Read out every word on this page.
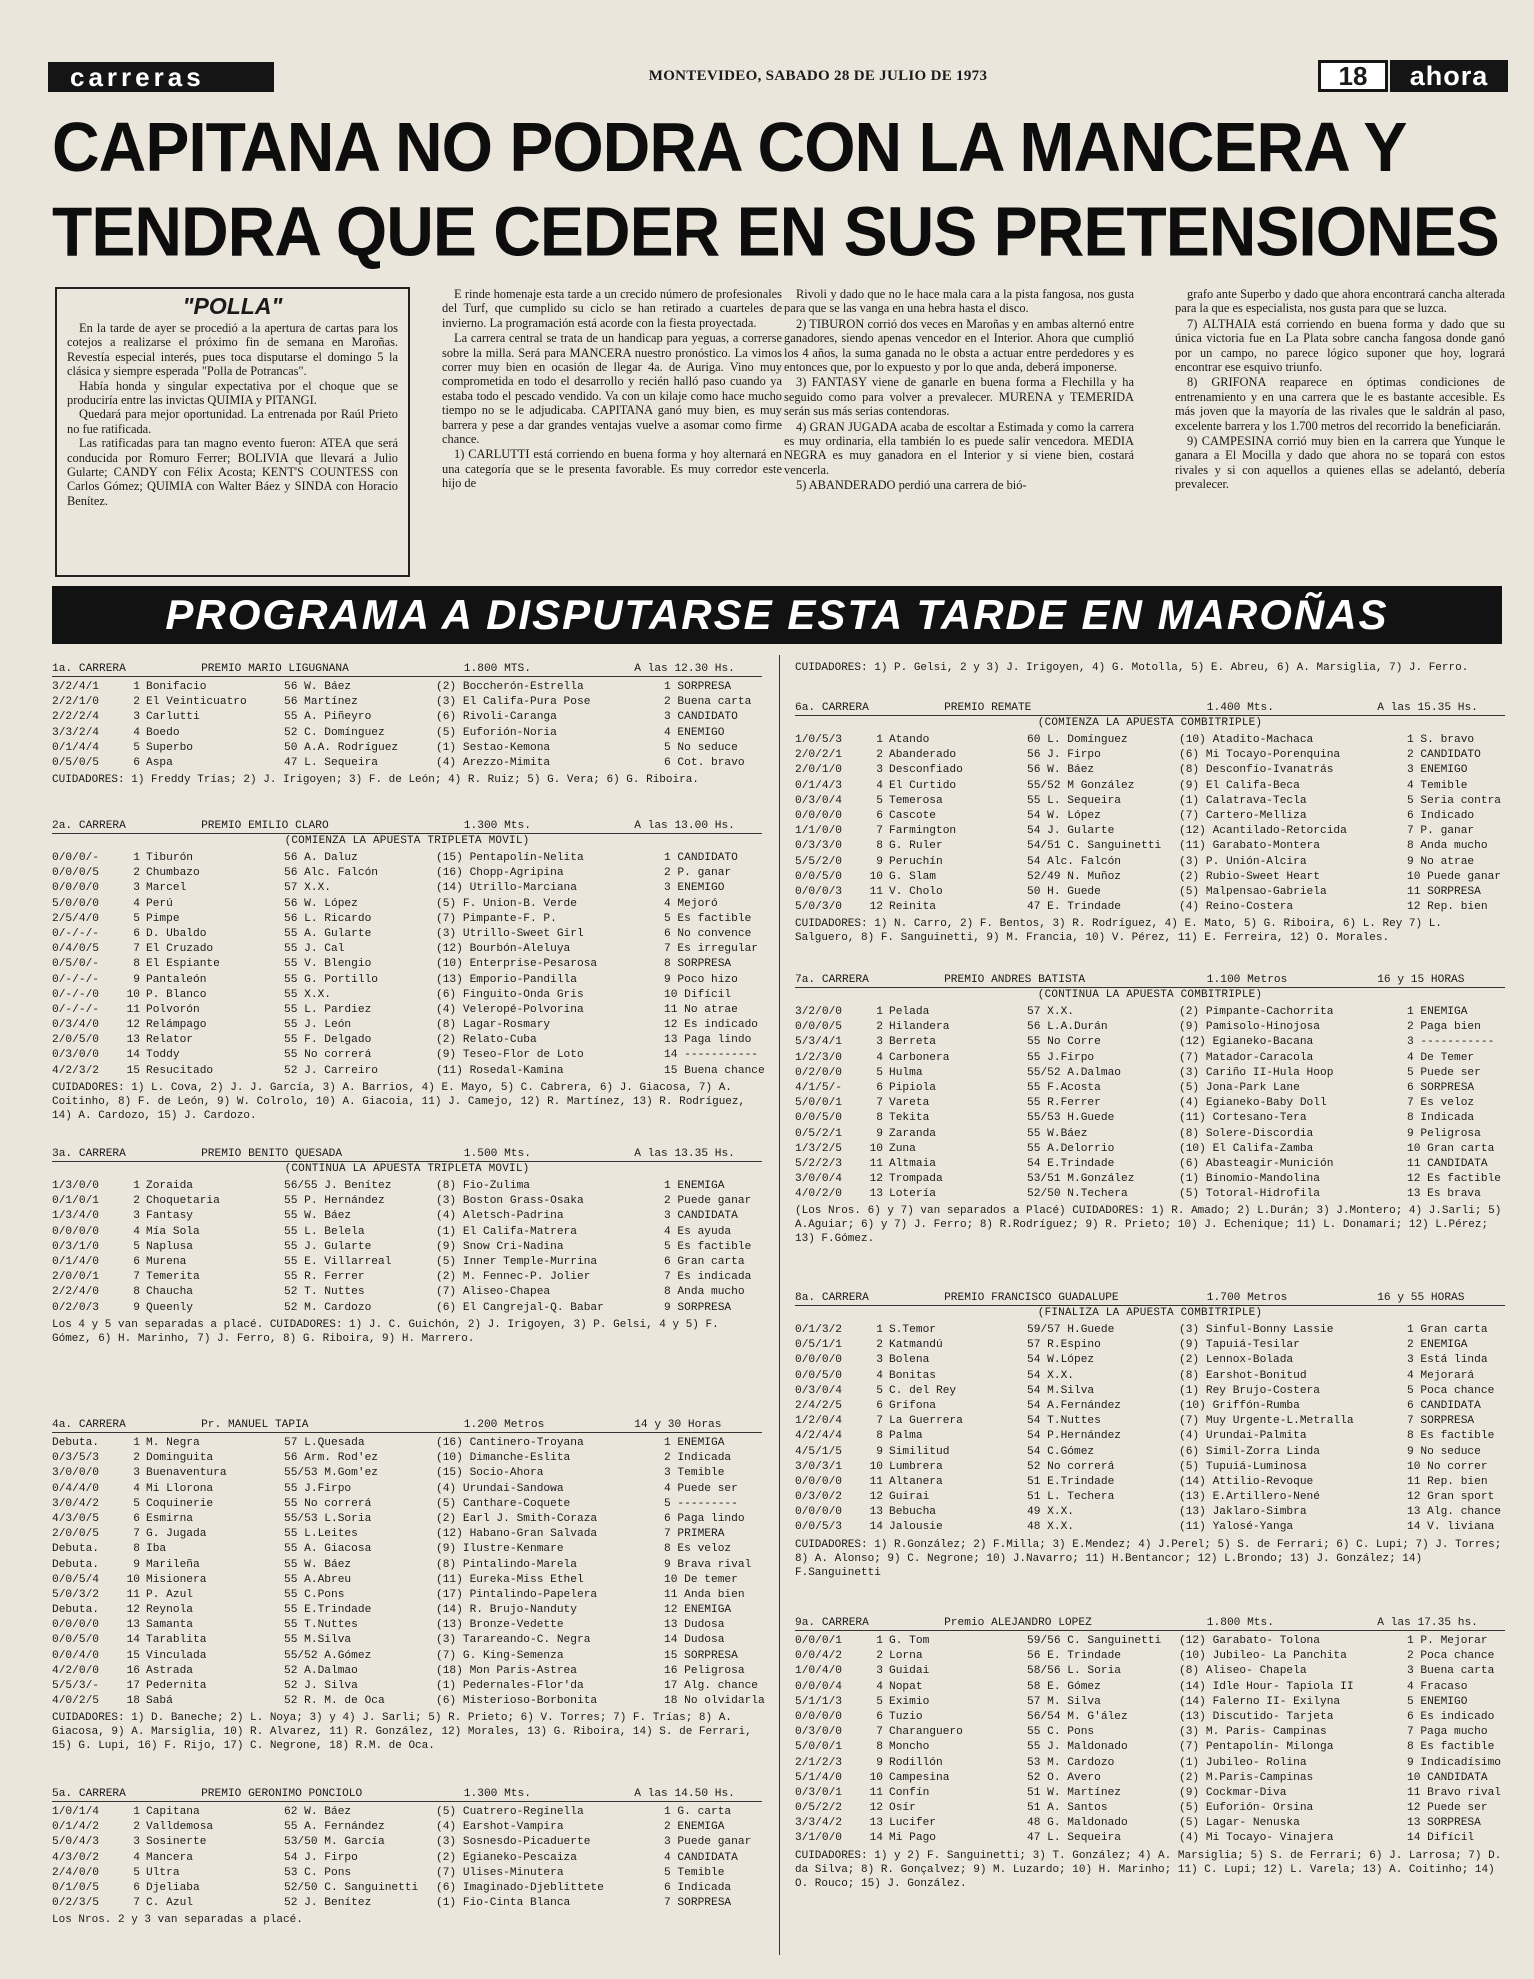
carreras	MONTEVIDEO, SABADO 28 DE JULIO DE 1973	18	ahora
CAPITANA NO PODRA CON LA MANCERA Y
TENDRA QUE CEDER EN SUS PRETENSIONES
"POLLA"

En la tarde de ayer se procedió a la apertura de cartas para los cotejos a realizarse el próximo fin de semana en Maroñas. Revestía especial interés, pues toca disputarse el domingo 5 la clásica y siempre esperada "Polla de Potrancas".

Había honda y singular expectativa por el choque que se produciría entre las invictas QUIMIA y PITANGI.

Quedará para mejor oportunidad. La entrenada por Raúl Prieto no fue ratificada.

Las ratificadas para tan magno evento fueron: ATEA que será conducida por Romuro Ferrer; BOLIVIA que llevará a Julio Gularte; CANDY con Félix Acosta; KENT'S COUNTESS con Carlos Gómez; QUIMIA con Walter Báez y SINDA con Horacio Benítez.

E rinde homenaje esta tarde a un crecido número de profesionales del Turf, que cumplido su ciclo se han retirado a cuarteles de invierno. La programación está acorde con la fiesta proyectada.

La carrera central se trata de un handicap para yeguas, a correrse sobre la milla. Será para MANCERA nuestro pronóstico. La vimos correr muy bien en ocasión de llegar 4a. de Auriga. Vino muy comprometida en todo el desarrollo y recién halló paso cuando ya estaba todo el pescado vendido. Va con un kilaje como hace mucho tiempo no se le adjudicaba. CAPITANA ganó muy bien, es muy barrera y pese a dar grandes ventajas vuelve a asomar como firme chance.

1) CARLUTTI está corriendo en buena forma y hoy alternará en una categoría que se le presenta favorable. Es muy corredor este hijo de

Rivoli y dado que no le hace mala cara a la pista fangosa, nos gusta para que se las vanga en una hebra hasta el disco.

2) TIBURON corrió dos veces en Maroñas y en ambas alternó entre ganadores, siendo apenas vencedor en el Interior. Ahora que cumplió los 4 años, la suma ganada no le obsta a actuar entre perdedores y es entonces que, por lo expuesto y por lo que anda, deberá imponerse.

3) FANTASY viene de ganarle en buena forma a Flechilla y ha seguido como para volver a prevalecer. MURENA y TEMERIDA serán sus más serias contendoras.

4) GRAN JUGADA acaba de escoltar a Estimada y como la carrera es muy ordinaria, ella también lo es puede salir vencedora. MEDIA NEGRA es muy ganadora en el Interior y si viene bien, costará vencerla.

5) ABANDERADO perdió una carrera de bió-

grafo ante Superbo y dado que ahora encontrará cancha alterada para la que es especialista, nos gusta para que se luzca.

7) ALTHAIA está corriendo en buena forma y dado que su única victoria fue en La Plata sobre cancha fangosa donde ganó por un campo, no parece lógico suponer que hoy, logrará encontrar ese esquivo triunfo.

8) GRIFONA reaparece en óptimas condiciones de entrenamiento y en una carrera que le es bastante accesible. Es más joven que la mayoría de las rivales que le saldrán al paso, excelente barrera y los 1.700 metros del recorrido la beneficiarán.

9) CAMPESINA corrió muy bien en la carrera que Yunque le ganara a El Mocilla y dado que ahora no se topará con estos rivales y si con aquellos a quienes ellas se adelantó, debería prevalecer.

PROGRAMA A DISPUTARSE ESTA TARDE EN MAROÑAS
1a. CARRERA	PREMIO MARIO LIGUGNANA	1.800 MTS.	A las 12.30 Hs.
3/2/4/1	1 Bonifacio	56 W. Báez	(2) Boccherón-Estrella	1 SORPRESA
2/2/1/0	2 El Veinticuatro	56 Martínez	(3) El Califa-Pura Pose	2 Buena carta
2/2/2/4	3 Carlutti	55 A. Piñeyro	(6) Rivoli-Caranga	3 CANDIDATO
3/3/2/4	4 Boedo	52 C. Domínguez	(5) Euforión-Noria	4 ENEMIGO
0/1/4/4	5 Superbo	50 A.A. Rodríguez	(1) Sestao-Kemona	5 No seduce
0/5/0/5	6 Aspa	47 L. Sequeira	(4) Arezzo-Mimita	6 Cot. bravo
CUIDADORES: 1) Freddy Trías; 2) J. Irigoyen; 3) F. de León; 4) R. Ruiz; 5) G. Vera; 6) G. Riboira.
2a. CARRERA	PREMIO EMILIO CLARO	1.300 Mts.	A las 13.00 Hs.
(COMIENZA LA APUESTA TRIPLETA MOVIL)
0/0/0/-	1 Tiburón	56 A. Daluz	(15) Pentapolín-Nelita	1 CANDIDATO
0/0/0/5	2 Chumbazo	56 Alc. Falcón	(16) Chopp-Agripina	2 P. ganar
0/0/0/0	3 Marcel	57 X.X.	(14) Utrillo-Marciana	3 ENEMIGO
5/0/0/0	4 Perú	56 W. López	(5) F. Union-B. Verde	4 Mejoró
2/5/4/0	5 Pimpe	56 L. Ricardo	(7) Pimpante-F. P.	5 Es factible
0/-/-/-	6 D. Ubaldo	55 A. Gularte	(3) Utrillo-Sweet Girl	6 No convence
0/4/0/5	7 El Cruzado	55 J. Cal	(12) Bourbón-Aleluya	7 Es irregular
0/5/0/-	8 El Espiante	55 V. Blengio	(10) Enterprise-Pesarosa	8 SORPRESA
0/-/-/-	9 Pantaleón	55 G. Portillo	(13) Emporio-Pandilla	9 Poco hizo
0/-/-/0	10 P. Blanco	55 X.X.	(6) Finguito-Onda Gris	10 Difícil
0/-/-/-	11 Polvorón	55 L. Pardiez	(4) Veleropé-Polvorina	11 No atrae
0/3/4/0	12 Relámpago	55 J. León	(8) Lagar-Rosmary	12 Es indicado
2/0/5/0	13 Relator	55 F. Delgado	(2) Relato-Cuba	13 Paga lindo
0/3/0/0	14 Toddy	55 No correrá	(9) Teseo-Flor de Loto	14 -----------
4/2/3/2	15 Resucitado	52 J. Carreiro	(11) Rosedal-Kamina	15 Buena chance
CUIDADORES: 1) L. Cova, 2) J. J. García, 3) A. Barrios, 4) E. Mayo, 5) C. Cabrera, 6) J. Giacosa, 7) A. Coitinho, 8) F. de León, 9) W. Colrolo, 10) A. Giacoia, 11) J. Camejo, 12) R. Martínez, 13) R. Rodríguez, 14) A. Cardozo, 15) J. Cardozo.
3a. CARRERA	PREMIO BENITO QUESADA	1.500 Mts.	A las 13.35 Hs.
(CONTINUA LA APUESTA TRIPLETA MOVIL)
1/3/0/0	1 Zoraida	56/55 J. Benítez	(8) Fio-Zulima	1 ENEMIGA
0/1/0/1	2 Choquetaria	55 P. Hernández	(3) Boston Grass-Osaka	2 Puede ganar
1/3/4/0	3 Fantasy	55 W. Báez	(4) Aletsch-Padrina	3 CANDIDATA
0/0/0/0	4 Mía Sola	55 L. Belela	(1) El Califa-Matrera	4 Es ayuda
0/3/1/0	5 Naplusa	55 J. Gularte	(9) Snow Cri-Nadina	5 Es factible
0/1/4/0	6 Murena	55 E. Villarreal	(5) Inner Temple-Murrina	6 Gran carta
2/0/0/1	7 Temerita	55 R. Ferrer	(2) M. Fennec-P. Jolier	7 Es indicada
2/2/4/0	8 Chaucha	52 T. Nuttes	(7) Aliseo-Chapea	8 Anda mucho
0/2/0/3	9 Queenly	52 M. Cardozo	(6) El Cangrejal-Q. Babar	9 SORPRESA
Los 4 y 5 van separadas a placé. CUIDADORES: 1) J. C. Guichón, 2) J. Irigoyen, 3) P. Gelsi, 4 y 5) F. Gómez, 6) H. Marinho, 7) J. Ferro, 8) G. Riboira, 9) H. Marrero.
4a. CARRERA	Pr. MANUEL TAPIA	1.200 Metros	14 y 30 Horas
Debuta.	1 M. Negra	57 L.Quesada	(16) Cantinero-Troyana	1 ENEMIGA
0/3/5/3	2 Dominguita	56 Arm. Rod'ez	(10) Dimanche-Eslita	2 Indicada
3/0/0/0	3 Buenaventura	55/53 M.Gom'ez	(15) Socio-Ahora	3 Temible
0/4/4/0	4 Mi Llorona	55 J.Firpo	(4) Urundai-Sandowa	4 Puede ser
3/0/4/2	5 Coquinerie	55 No correrá	(5) Canthare-Coquete	5 ---------
4/3/0/5	6 Esmirna	55/53 L.Soria	(2) Earl J. Smith-Coraza	6 Paga lindo
2/0/0/5	7 G. Jugada	55 L.Leites	(12) Habano-Gran Salvada	7 PRIMERA
Debuta.	8 Iba	55 A. Giacosa	(9) Ilustre-Kenmare	8 Es veloz
Debuta.	9 Marileña	55 W. Báez	(8) Pintalindo-Marela	9 Brava rival
0/0/5/4	10 Misionera	55 A.Abreu	(11) Eureka-Miss Ethel	10 De temer
5/0/3/2	11 P. Azul	55 C.Pons	(17) Pintalindo-Papelera	11 Anda bien
Debuta.	12 Reynola	55 E.Trindade	(14) R. Brujo-Nanduty	12 ENEMIGA
0/0/0/0	13 Samanta	55 T.Nuttes	(13) Bronze-Vedette	13 Dudosa
0/0/5/0	14 Tarablita	55 M.Silva	(3) Tarareando-C. Negra	14 Dudosa
0/0/4/0	15 Vinculada	55/52 A.Gómez	(7) G. King-Semenza	15 SORPRESA
4/2/0/0	16 Astrada	52 A.Dalmao	(18) Mon Paris-Astrea	16 Peligrosa
5/5/3/-	17 Pedernita	52 J. Silva	(1) Pedernales-Flor'da	17 Alg. chance
4/0/2/5	18 Sabá	52 R. M. de Oca	(6) Misterioso-Borbonita	18 No olvidarla
CUIDADORES: 1) D. Baneche; 2) L. Noya; 3) y 4) J. Sarli; 5) R. Prieto; 6) V. Torres; 7) F. Trías; 8) A. Giacosa, 9) A. Marsiglia, 10) R. Alvarez, 11) R. González, 12) Morales, 13) G. Riboira, 14) S. de Ferrari, 15) G. Lupi, 16) F. Rijo, 17) C. Negrone, 18) R.M. de Oca.
5a. CARRERA	PREMIO GERONIMO PONCIOLO	1.300 Mts.	A las 14.50 Hs.
1/0/1/4	1 Capitana	62 W. Báez	(5) Cuatrero-Reginella	1 G. carta
0/1/4/2	2 Valldemosa	55 A. Fernández	(4) Earshot-Vampira	2 ENEMIGA
5/0/4/3	3 Sosinerte	53/50 M. García	(3) Sosnesdo-Picaduerte	3 Puede ganar
4/3/0/2	4 Mancera	54 J. Firpo	(2) Egianeko-Pescaiza	4 CANDIDATA
2/4/0/0	5 Ultra	53 C. Pons	(7) Ulises-Minutera	5 Temible
0/1/0/5	6 Djeliaba	52/50 C. Sanguinetti	(6) Imaginado-Djeblittete	6 Indicada
0/2/3/5	7 C. Azul	52 J. Benítez	(1) Fio-Cinta Blanca	7 SORPRESA
Los Nros. 2 y 3 van separadas a placé.
CUIDADORES: 1) P. Gelsi, 2 y 3) J. Irigoyen, 4) G. Motolla, 5) E. Abreu, 6) A. Marsiglia, 7) J. Ferro.
6a. CARRERA	PREMIO REMATE	1.400 Mts.	A las 15.35 Hs.
(COMIENZA LA APUESTA COMBITRIPLE)
1/0/5/3	1 Atando	60 L. Domínguez	(10) Atadito-Machaca	1 S. bravo
2/0/2/1	2 Abanderado	56 J. Firpo	(6) Mi Tocayo-Porenquina	2 CANDIDATO
2/0/1/0	3 Desconfiado	56 W. Báez	(8) Desconfío-Ivanatrás	3 ENEMIGO
0/1/4/3	4 El Curtido	55/52 M González	(9) El Califa-Beca	4 Temible
0/3/0/4	5 Temerosa	55 L. Sequeira	(1) Calatrava-Tecla	5 Seria contra
0/0/0/0	6 Cascote	54 W. López	(7) Cartero-Melliza	6 Indicado
1/1/0/0	7 Farmington	54 J. Gularte	(12) Acantilado-Retorcida	7 P. ganar
0/3/3/0	8 G. Ruler	54/51 C. Sanguinetti	(11) Garabato-Montera	8 Anda mucho
5/5/2/0	9 Peruchín	54 Alc. Falcón	(3) P. Unión-Alcira	9 No atrae
0/0/5/0	10 G. Slam	52/49 N. Muñoz	(2) Rubio-Sweet Heart	10 Puede ganar
0/0/0/3	11 V. Cholo	50 H. Guede	(5) Malpensao-Gabriela	11 SORPRESA
5/0/3/0	12 Reinita	47 E. Trindade	(4) Reino-Costera	12 Rep. bien
CUIDADORES: 1) N. Carro, 2) F. Bentos, 3) R. Rodríguez, 4) E. Mato, 5) G. Riboira, 6) L. Rey 7) L. Salguero, 8) F. Sanguinetti, 9) M. Francia, 10) V. Pérez, 11) E. Ferreira, 12) O. Morales.
7a. CARRERA	PREMIO ANDRES BATISTA	1.100 Metros	16 y 15 HORAS
(CONTINUA LA APUESTA COMBITRIPLE)
3/2/0/0	1 Pelada	57 X.X.	(2) Pimpante-Cachorrita	1 ENEMIGA
0/0/0/5	2 Hilandera	56 L.A.Durán	(9) Pamisolo-Hinojosa	2 Paga bien
5/3/4/1	3 Berreta	55 No Corre	(12) Egianeko-Bacana	3 -----------
1/2/3/0	4 Carbonera	55 J.Firpo	(7) Matador-Caracola	4 De Temer
0/2/0/0	5 Hulma	55/52 A.Dalmao	(3) Cariño II-Hula Hoop	5 Puede ser
4/1/5/-	6 Pipiola	55 F.Acosta	(5) Jona-Park Lane	6 SORPRESA
5/0/0/1	7 Vareta	55 R.Ferrer	(4) Egianeko-Baby Doll	7 Es veloz
0/0/5/0	8 Tekita	55/53 H.Guede	(11) Cortesano-Tera	8 Indicada
0/5/2/1	9 Zaranda	55 W.Báez	(8) Solere-Discordia	9 Peligrosa
1/3/2/5	10 Zuna	55 A.Delorrio	(10) El Califa-Zamba	10 Gran carta
5/2/2/3	11 Altmaia	54 E.Trindade	(6) Abasteagir-Munición	11 CANDIDATA
3/0/0/4	12 Trompada	53/51 M.González	(1) Binomio-Mandolina	12 Es factible
4/0/2/0	13 Lotería	52/50 N.Techera	(5) Totoral-Hidrofila	13 Es brava
(Los Nros. 6) y 7) van separados a Placé) CUIDADORES: 1) R. Amado; 2) L.Durán; 3) J.Montero; 4) J.Sarli; 5) A.Aguiar; 6) y 7) J. Ferro; 8) R.Rodríguez; 9) R. Prieto; 10) J. Echenique; 11) L. Donamari; 12) L.Pérez; 13) F.Gómez.
8a. CARRERA	PREMIO FRANCISCO GUADALUPE	1.700 Metros	16 y 55 HORAS
(FINALIZA LA APUESTA COMBITRIPLE)
0/1/3/2	1 S.Temor	59/57 H.Guede	(3) Sinful-Bonny Lassie	1 Gran carta
0/5/1/1	2 Katmandú	57 R.Espino	(9) Tapuiá-Tesilar	2 ENEMIGA
0/0/0/0	3 Bolena	54 W.López	(2) Lennox-Bolada	3 Está linda
0/0/5/0	4 Bonitas	54 X.X.	(8) Earshot-Bonitud	4 Mejorará
0/3/0/4	5 C. del Rey	54 M.Silva	(1) Rey Brujo-Costera	5 Poca chance
2/4/2/5	6 Grifona	54 A.Fernández	(10) Griffón-Rumba	6 CANDIDATA
1/2/0/4	7 La Guerrera	54 T.Nuttes	(7) Muy Urgente-L.Metralla	7 SORPRESA
4/2/4/4	8 Palma	54 P.Hernández	(4) Urundai-Palmita	8 Es factible
4/5/1/5	9 Similitud	54 C.Gómez	(6) Simil-Zorra Linda	9 No seduce
3/0/3/1	10 Lumbrera	52 No correrá	(5) Tupuiá-Luminosa	10 No correr
0/0/0/0	11 Altanera	51 E.Trindade	(14) Attilio-Revoque	11 Rep. bien
0/3/0/2	12 Guirai	51 L. Techera	(13) E.Artillero-Nené	12 Gran sport
0/0/0/0	13 Bebucha	49 X.X.	(13) Jaklaro-Simbra	13 Alg. chance
0/0/5/3	14 Jalousie	48 X.X.	(11) Yalosé-Yanga	14 V. liviana
CUIDADORES: 1) R.González; 2) F.Milla; 3) E.Mendez; 4) J.Perel; 5) S. de Ferrari; 6) C. Lupi; 7) J. Torres; 8) A. Alonso; 9) C. Negrone; 10) J.Navarro; 11) H.Bentancor; 12) L.Brondo; 13) J. González; 14) F.Sanguinetti
9a. CARRERA	Premio ALEJANDRO LOPEZ	1.800 Mts.	A las 17.35 hs.
0/0/0/1	1 G. Tom	59/56 C. Sanguinetti	(12) Garabato- Tolona	1 P. Mejorar
0/0/4/2	2 Lorna	56 E. Trindade	(10) Jubileo- La Panchita	2 Poca chance
1/0/4/0	3 Guidai	58/56 L. Soria	(8) Aliseo- Chapela	3 Buena carta
0/0/0/4	4 Nopat	58 E. Gómez	(14) Idle Hour- Tapiola II	4 Fracaso
5/1/1/3	5 Eximio	57 M. Silva	(14) Falerno II- Exilyna	5 ENEMIGO
0/0/0/0	6 Tuzio	56/54 M. G'ález	(13) Discutido- Tarjeta	6 Es indicado
0/3/0/0	7 Charanguero	55 C. Pons	(3) M. Paris- Campinas	7 Paga mucho
5/0/0/1	8 Moncho	55 J. Maldonado	(7) Pentapolín- Milonga	8 Es factible
2/1/2/3	9 Rodillón	53 M. Cardozo	(1) Jubileo- Rolina	9 Indicadísimo
5/1/4/0	10 Campesina	52 O. Avero	(2) M.Paris-Campinas	10 CANDIDATA
0/3/0/1	11 Confín	51 W. Martínez	(9) Cockmar-Diva	11 Bravo rival
0/5/2/2	12 Osír	51 A. Santos	(5) Euforión- Orsina	12 Puede ser
3/3/4/2	13 Lucifer	48 G. Maldonado	(5) Lagar- Nenuska	13 SORPRESA
3/1/0/0	14 Mi Pago	47 L. Sequeira	(4) Mi Tocayo- Vinajera	14 Difícil
CUIDADORES: 1) y 2) F. Sanguinetti; 3) T. González; 4) A. Marsiglia; 5) S. de Ferrari; 6) J. Larrosa; 7) D. da Silva; 8) R. Gonçalvez; 9) M. Luzardo; 10) H. Marinho; 11) C. Lupi; 12) L. Varela; 13) A. Coitinho; 14) O. Rouco; 15) J. González.
